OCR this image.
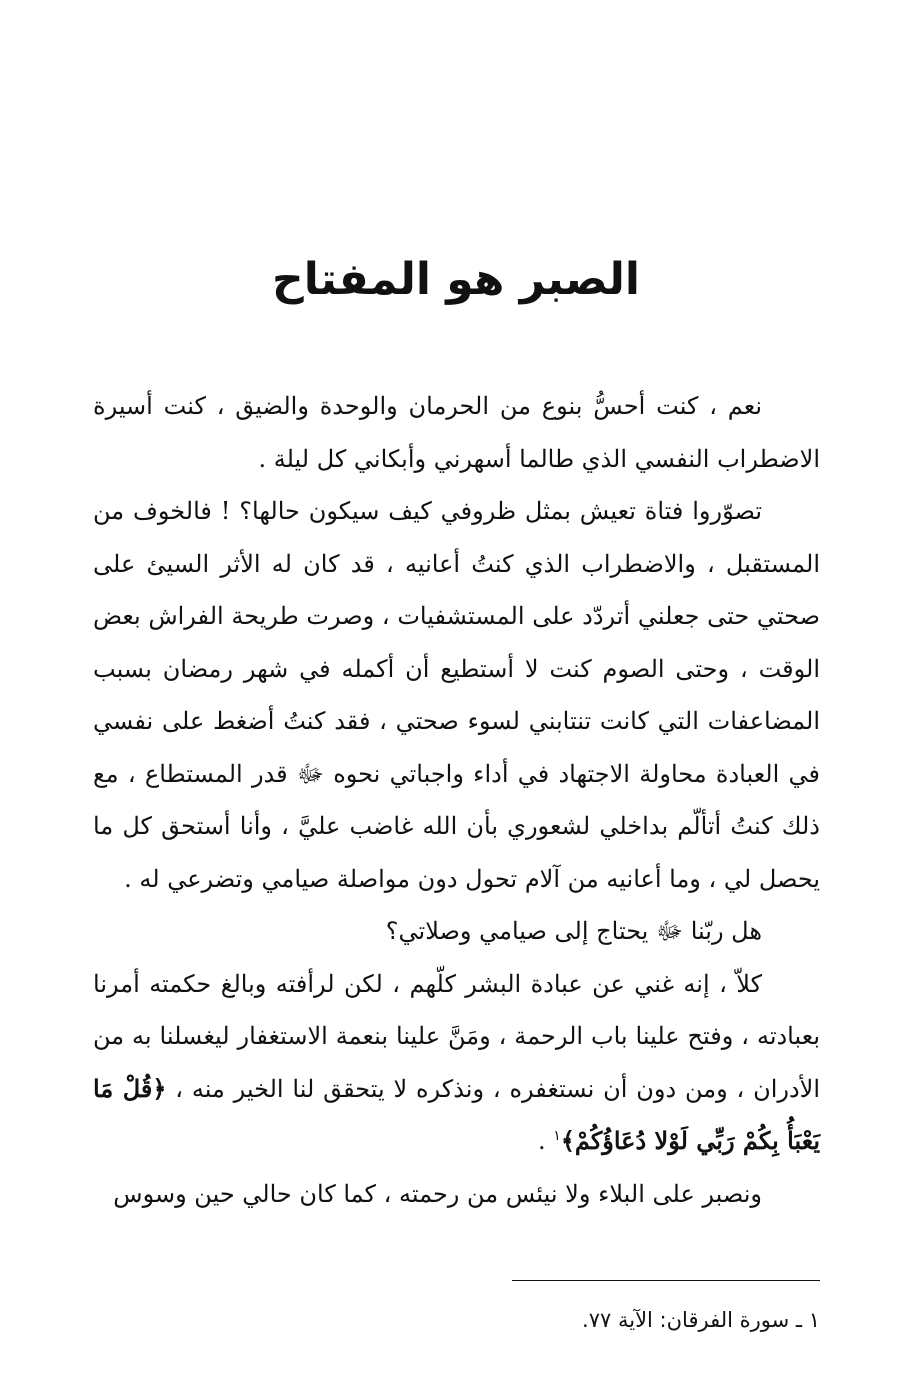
الصبر هو المفتاح

نعم ، كنت أحسُّ بنوع من الحرمان والوحدة والضيق ، كنت أسيرة الاضطراب النفسي الذي طالما أسهرني وأبكاني كل ليلة .

تصوّروا فتاة تعيش بمثل ظروفي كيف سيكون حالها؟ ! فالخوف من المستقبل ، والاضطراب الذي كنتُ أعانيه ، قد كان له الأثر السيئ على صحتي حتى جعلني أتردّد على المستشفيات ، وصرت طريحة الفراش بعض الوقت ، وحتى الصوم كنت لا أستطيع أن أكمله في شهر رمضان بسبب المضاعفات التي كانت تنتابني لسوء صحتي ، فقد كنتُ أضغط على نفسي في العبادة محاولة الاجتهاد في أداء واجباتي نحوه ﷻ قدر المستطاع ، مع ذلك كنتُ أتألّم بداخلي لشعوري بأن الله غاضب عليَّ ، وأنا أستحق كل ما يحصل لي ، وما أعانيه من آلام تحول دون مواصلة صيامي وتضرعي له .

هل ربّنا ﷻ يحتاج إلى صيامي وصلاتي؟

كلاّ ، إنه غني عن عبادة البشر كلّهم ، لكن لرأفته وبالغ حكمته أمرنا بعبادته ، وفتح علينا باب الرحمة ، ومَنَّ علينا بنعمة الاستغفار ليغسلنا به من الأدران ، ومن دون أن نستغفره ، ونذكره لا يتحقق لنا الخير منه ، ﴿قُلْ مَا يَعْبَأُ بِكُمْ رَبِّي لَوْلا دُعَاؤُكُمْ﴾$^١$ .

ونصبر على البلاء ولا نيئس من رحمته ، كما كان حالي حين وسوس

١ ـ سورة الفرقان: الآية ٧٧.
